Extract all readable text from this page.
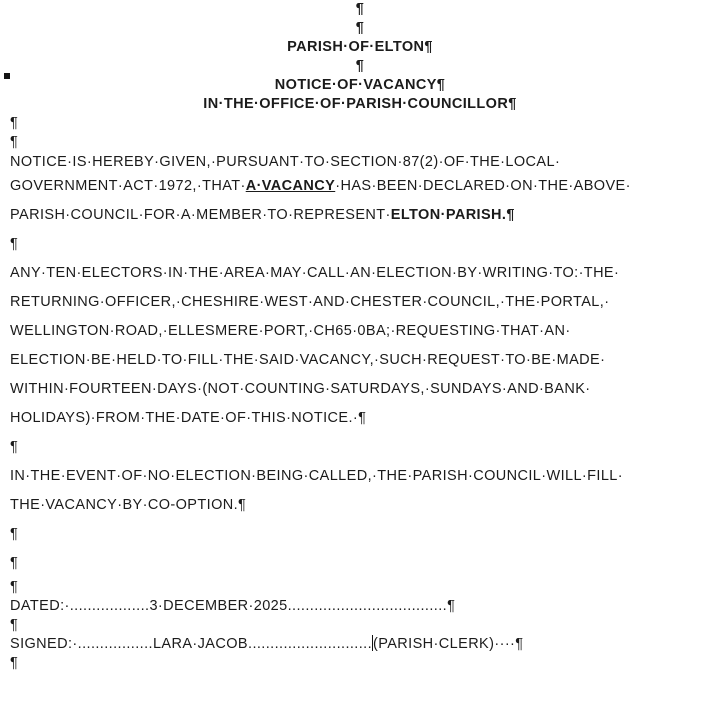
¶
¶
PARISH·OF·ELTON¶
¶
NOTICE·OF·VACANCY¶
IN·THE·OFFICE·OF·PARISH·COUNCILLOR¶
¶
¶
NOTICE·IS·HEREBY·GIVEN,·PURSUANT·TO·SECTION·87(2)·OF·THE·LOCAL·
GOVERNMENT·ACT·1972,·THAT·A·VACANCY·HAS·BEEN·DECLARED·ON·THE·ABOVE·
PARISH·COUNCIL·FOR·A·MEMBER·TO·REPRESENT·ELTON·PARISH.¶
¶
ANY·TEN·ELECTORS·IN·THE·AREA·MAY·CALL·AN·ELECTION·BY·WRITING·TO:·THE·
RETURNING·OFFICER,·CHESHIRE·WEST·AND·CHESTER·COUNCIL,·THE·PORTAL,·
WELLINGTON·ROAD,·ELLESMERE·PORT,·CH65·0BA;·REQUESTING·THAT·AN·
ELECTION·BE·HELD·TO·FILL·THE·SAID·VACANCY,·SUCH·REQUEST·TO·BE·MADE·
WITHIN·FOURTEEN·DAYS·(NOT·COUNTING·SATURDAYS,·SUNDAYS·AND·BANK·
HOLIDAYS)·FROM·THE·DATE·OF·THIS·NOTICE.·¶
¶
IN·THE·EVENT·OF·NO·ELECTION·BEING·CALLED,·THE·PARISH·COUNCIL·WILL·FILL·
THE·VACANCY·BY·CO-OPTION.¶
¶
¶
¶
DATED:·..................3·DECEMBER·2025....................................¶
¶
SIGNED:·.................LARA·JACOB............................(PARISH·CLERK)····¶
¶
